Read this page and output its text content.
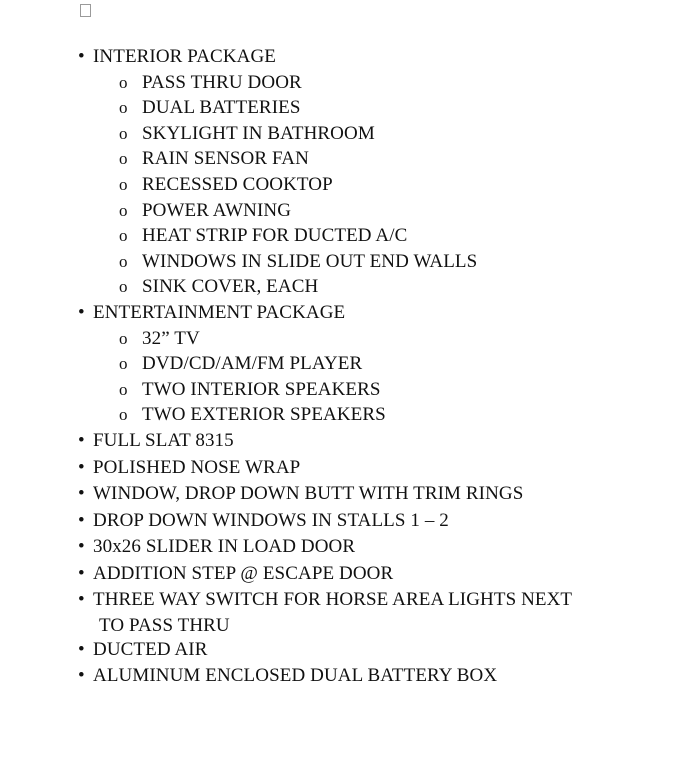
• INTERIOR PACKAGE
o PASS THRU DOOR
o DUAL BATTERIES
o SKYLIGHT IN BATHROOM
o RAIN SENSOR FAN
o RECESSED COOKTOP
o POWER AWNING
o HEAT STRIP FOR DUCTED A/C
o WINDOWS IN SLIDE OUT END WALLS
o SINK COVER, EACH
• ENTERTAINMENT PACKAGE
o 32” TV
o DVD/CD/AM/FM PLAYER
o TWO INTERIOR SPEAKERS
o TWO EXTERIOR SPEAKERS
• FULL SLAT 8315
• POLISHED NOSE WRAP
• WINDOW, DROP DOWN BUTT WITH TRIM RINGS
• DROP DOWN WINDOWS IN STALLS 1 – 2
• 30x26 SLIDER IN LOAD DOOR
• ADDITION STEP @ ESCAPE DOOR
• THREE WAY SWITCH FOR HORSE AREA LIGHTS NEXT
TO PASS THRU
• DUCTED AIR
• ALUMINUM ENCLOSED DUAL BATTERY BOX
